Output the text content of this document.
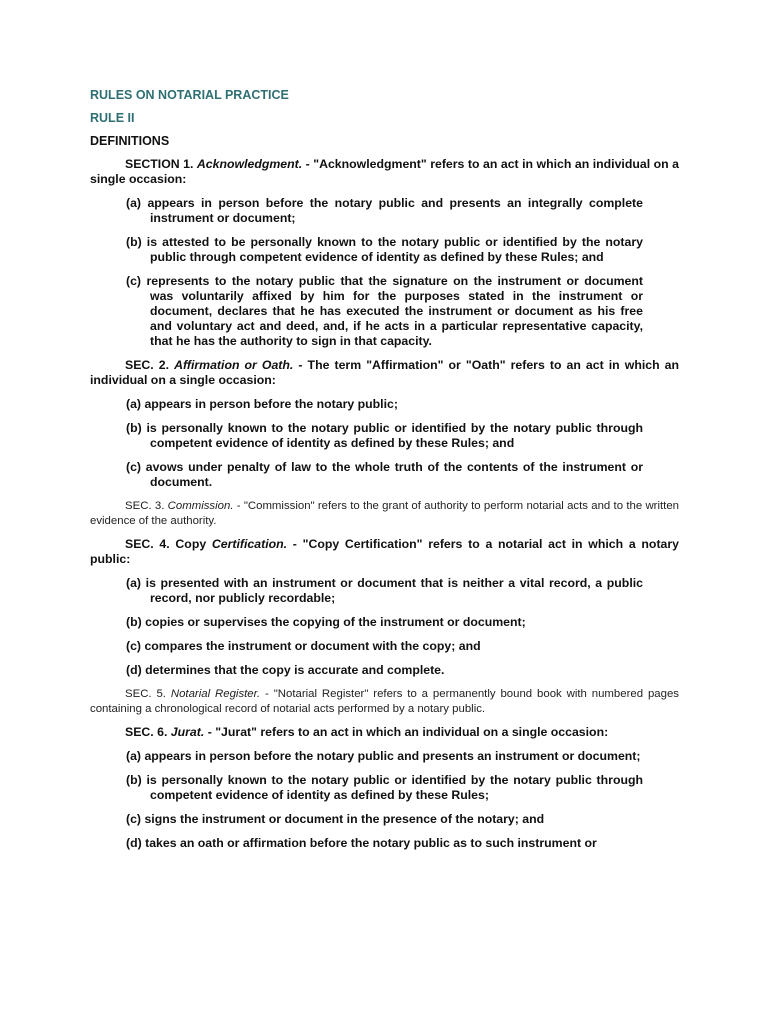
RULES ON NOTARIAL PRACTICE

RULE II

DEFINITIONS

SECTION 1. Acknowledgment. - "Acknowledgment" refers to an act in which an individual on a single occasion:

(a) appears in person before the notary public and presents an integrally complete instrument or document;

(b) is attested to be personally known to the notary public or identified by the notary public through competent evidence of identity as defined by these Rules; and

(c) represents to the notary public that the signature on the instrument or document was voluntarily affixed by him for the purposes stated in the instrument or document, declares that he has executed the instrument or document as his free and voluntary act and deed, and, if he acts in a particular representative capacity, that he has the authority to sign in that capacity.

SEC. 2. Affirmation or Oath. - The term "Affirmation" or "Oath" refers to an act in which an individual on a single occasion:

(a) appears in person before the notary public;

(b) is personally known to the notary public or identified by the notary public through competent evidence of identity as defined by these Rules; and

(c) avows under penalty of law to the whole truth of the contents of the instrument or document.

SEC. 3. Commission. - "Commission" refers to the grant of authority to perform notarial acts and to the written evidence of the authority.

SEC. 4. Copy Certification. - "Copy Certification" refers to a notarial act in which a notary public:

(a) is presented with an instrument or document that is neither a vital record, a public record, nor publicly recordable;

(b) copies or supervises the copying of the instrument or document;

(c) compares the instrument or document with the copy; and

(d) determines that the copy is accurate and complete.

SEC. 5. Notarial Register. - "Notarial Register" refers to a permanently bound book with numbered pages containing a chronological record of notarial acts performed by a notary public.

SEC. 6. Jurat. - "Jurat" refers to an act in which an individual on a single occasion:

(a) appears in person before the notary public and presents an instrument or document;

(b) is personally known to the notary public or identified by the notary public through competent evidence of identity as defined by these Rules;

(c) signs the instrument or document in the presence of the notary; and

(d) takes an oath or affirmation before the notary public as to such instrument or
